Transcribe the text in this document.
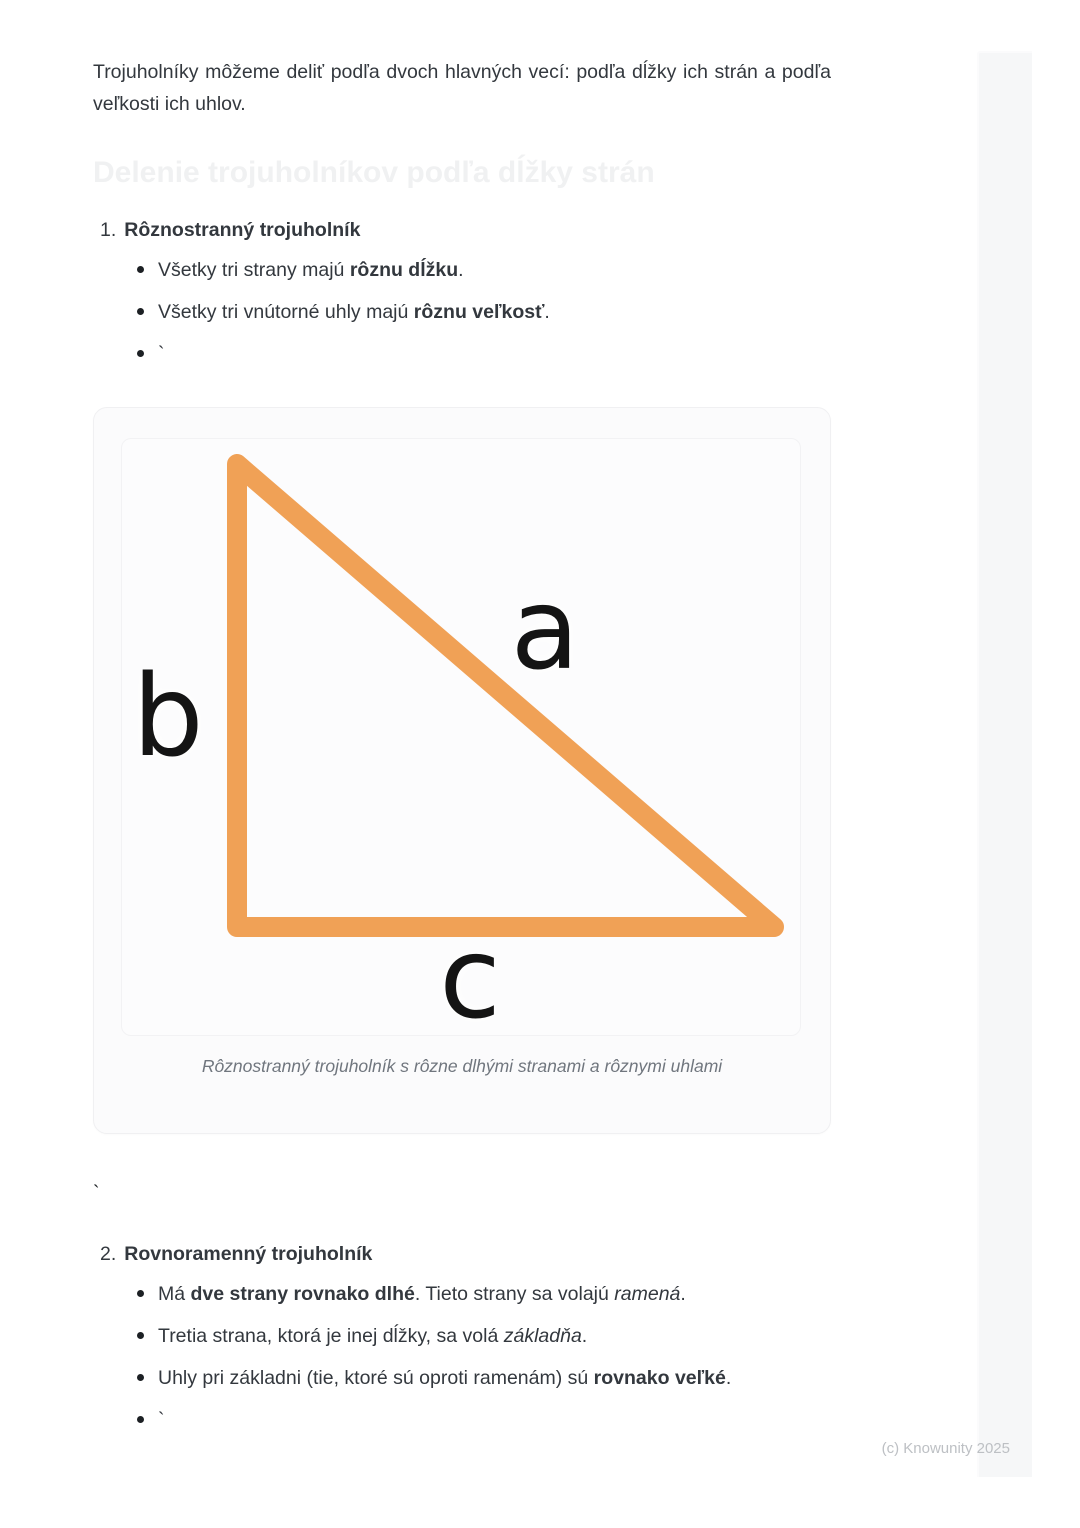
Trojuholníky môžeme deliť podľa dvoch hlavných vecí: podľa dĺžky ich strán a podľa veľkosti ich uhlov.

Delenie trojuholníkov podľa dĺžky strán
1. Rôznostranný trojuholník
Všetky tri strany majú rôznu dĺžku.
Všetky tri vnútorné uhly majú rôznu veľkosť.
`
b
a
c
Rôznostranný trojuholník s rôzne dlhými stranami a rôznymi uhlami
`
2. Rovnoramenný trojuholník
Má dve strany rovnako dlhé. Tieto strany sa volajú ramená.
Tretia strana, ktorá je inej dĺžky, sa volá základňa.
Uhly pri základni (tie, ktoré sú oproti ramenám) sú rovnako veľké.
`
(c) Knowunity 2025
